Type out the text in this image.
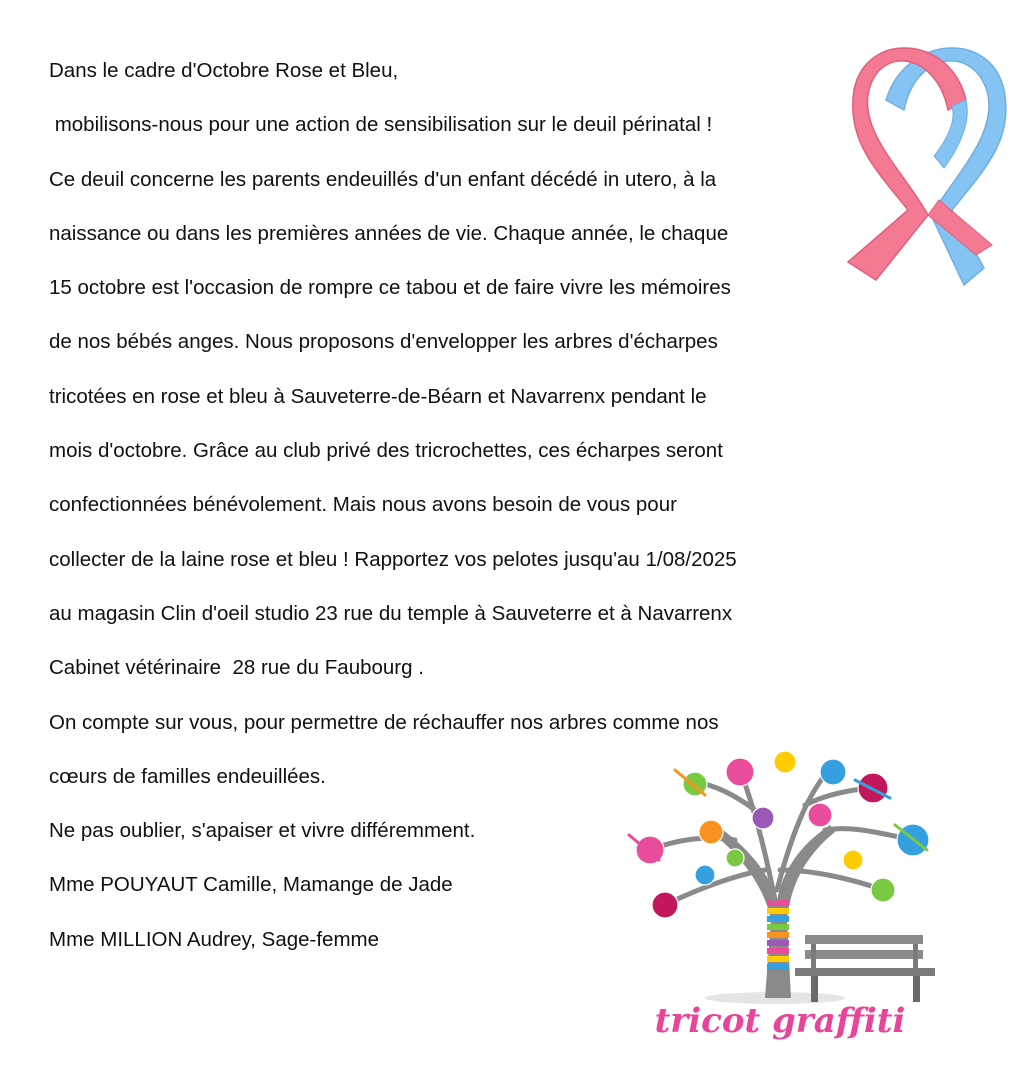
Dans le cadre d'Octobre Rose et Bleu,
mobilisons-nous pour une action de sensibilisation sur le deuil périnatal !
Ce deuil concerne les parents endeuillés d'un enfant décédé in utero, à la
naissance ou dans les premières années de vie. Chaque année, le chaque
15 octobre est l'occasion de rompre ce tabou et de faire vivre les mémoires
de nos bébés anges. Nous proposons d'envelopper les arbres d'écharpes
tricotées en rose et bleu à Sauveterre-de-Béarn et Navarrenx pendant le
mois d'octobre. Grâce au club privé des tricrochettes, ces écharpes seront
confectionnées bénévolement. Mais nous avons besoin de vous pour
collecter de la laine rose et bleu ! Rapportez vos pelotes jusqu'au 1/08/2025
au magasin Clin d'oeil studio 23 rue du temple à Sauveterre et à Navarrenx
Cabinet vétérinaire  28 rue du Faubourg .
On compte sur vous, pour permettre de réchauffer nos arbres comme nos
cœurs de familles endeuillées.
Ne pas oublier, s'apaiser et vivre différemment.
Mme POUYAUT Camille, Mamange de Jade
Mme MILLION Audrey, Sage-femme
tricot graffiti
